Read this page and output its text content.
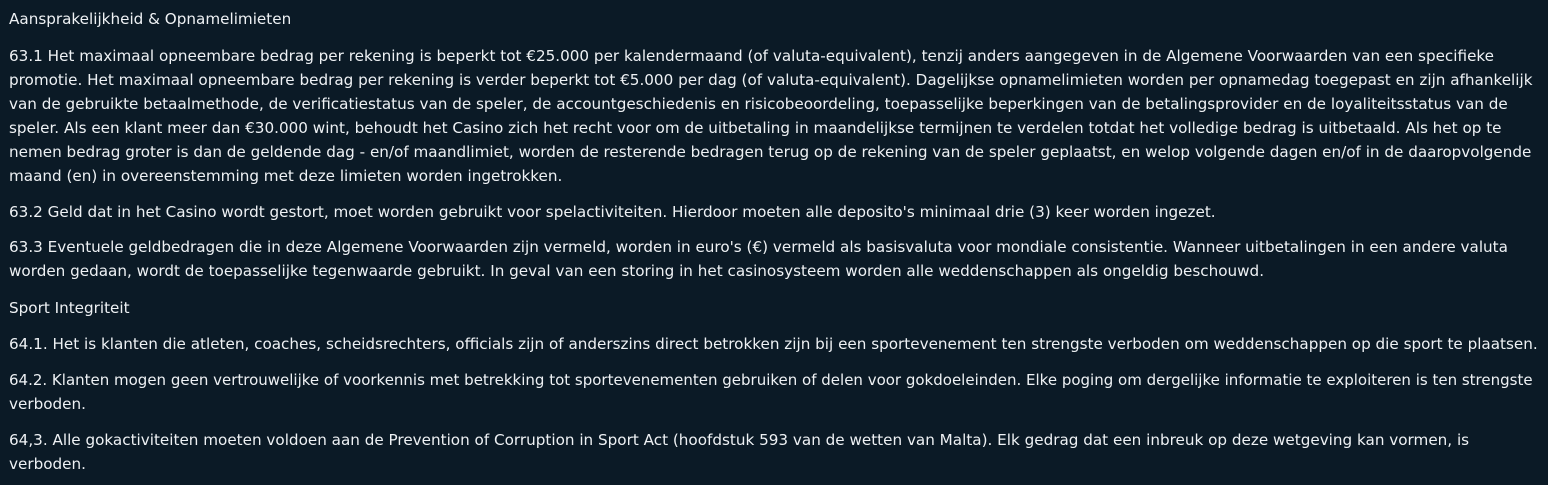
Aansprakelijkheid & Opnamelimieten

63.1 Het maximaal opneembare bedrag per rekening is beperkt tot €25.000 per kalendermaand (of valuta-equivalent), tenzij anders aangegeven in de Algemene Voorwaarden van een specifieke
promotie. Het maximaal opneembare bedrag per rekening is verder beperkt tot €5.000 per dag (of valuta-equivalent). Dagelijkse opnamelimieten worden per opnamedag toegepast en zijn afhankelijk
van de gebruikte betaalmethode, de verificatiestatus van de speler, de accountgeschiedenis en risicobeoordeling, toepasselijke beperkingen van de betalingsprovider en de loyaliteitsstatus van de
speler. Als een klant meer dan €30.000 wint, behoudt het Casino zich het recht voor om de uitbetaling in maandelijkse termijnen te verdelen totdat het volledige bedrag is uitbetaald. Als het op te
nemen bedrag groter is dan de geldende dag - en/of maandlimiet, worden de resterende bedragen terug op de rekening van de speler geplaatst, en welop volgende dagen en/of in de daaropvolgende
maand (en) in overeenstemming met deze limieten worden ingetrokken.

63.2 Geld dat in het Casino wordt gestort, moet worden gebruikt voor spelactiviteiten. Hierdoor moeten alle deposito's minimaal drie (3) keer worden ingezet.

63.3 Eventuele geldbedragen die in deze Algemene Voorwaarden zijn vermeld, worden in euro's (€) vermeld als basisvaluta voor mondiale consistentie. Wanneer uitbetalingen in een andere valuta
worden gedaan, wordt de toepasselijke tegenwaarde gebruikt. In geval van een storing in het casinosysteem worden alle weddenschappen als ongeldig beschouwd.

Sport Integriteit

64.1. Het is klanten die atleten, coaches, scheidsrechters, officials zijn of anderszins direct betrokken zijn bij een sportevenement ten strengste verboden om weddenschappen op die sport te plaatsen.

64.2. Klanten mogen geen vertrouwelijke of voorkennis met betrekking tot sportevenementen gebruiken of delen voor gokdoeleinden. Elke poging om dergelijke informatie te exploiteren is ten strengste
verboden.

64,3. Alle gokactiviteiten moeten voldoen aan de Prevention of Corruption in Sport Act (hoofdstuk 593 van de wetten van Malta). Elk gedrag dat een inbreuk op deze wetgeving kan vormen, is
verboden.
